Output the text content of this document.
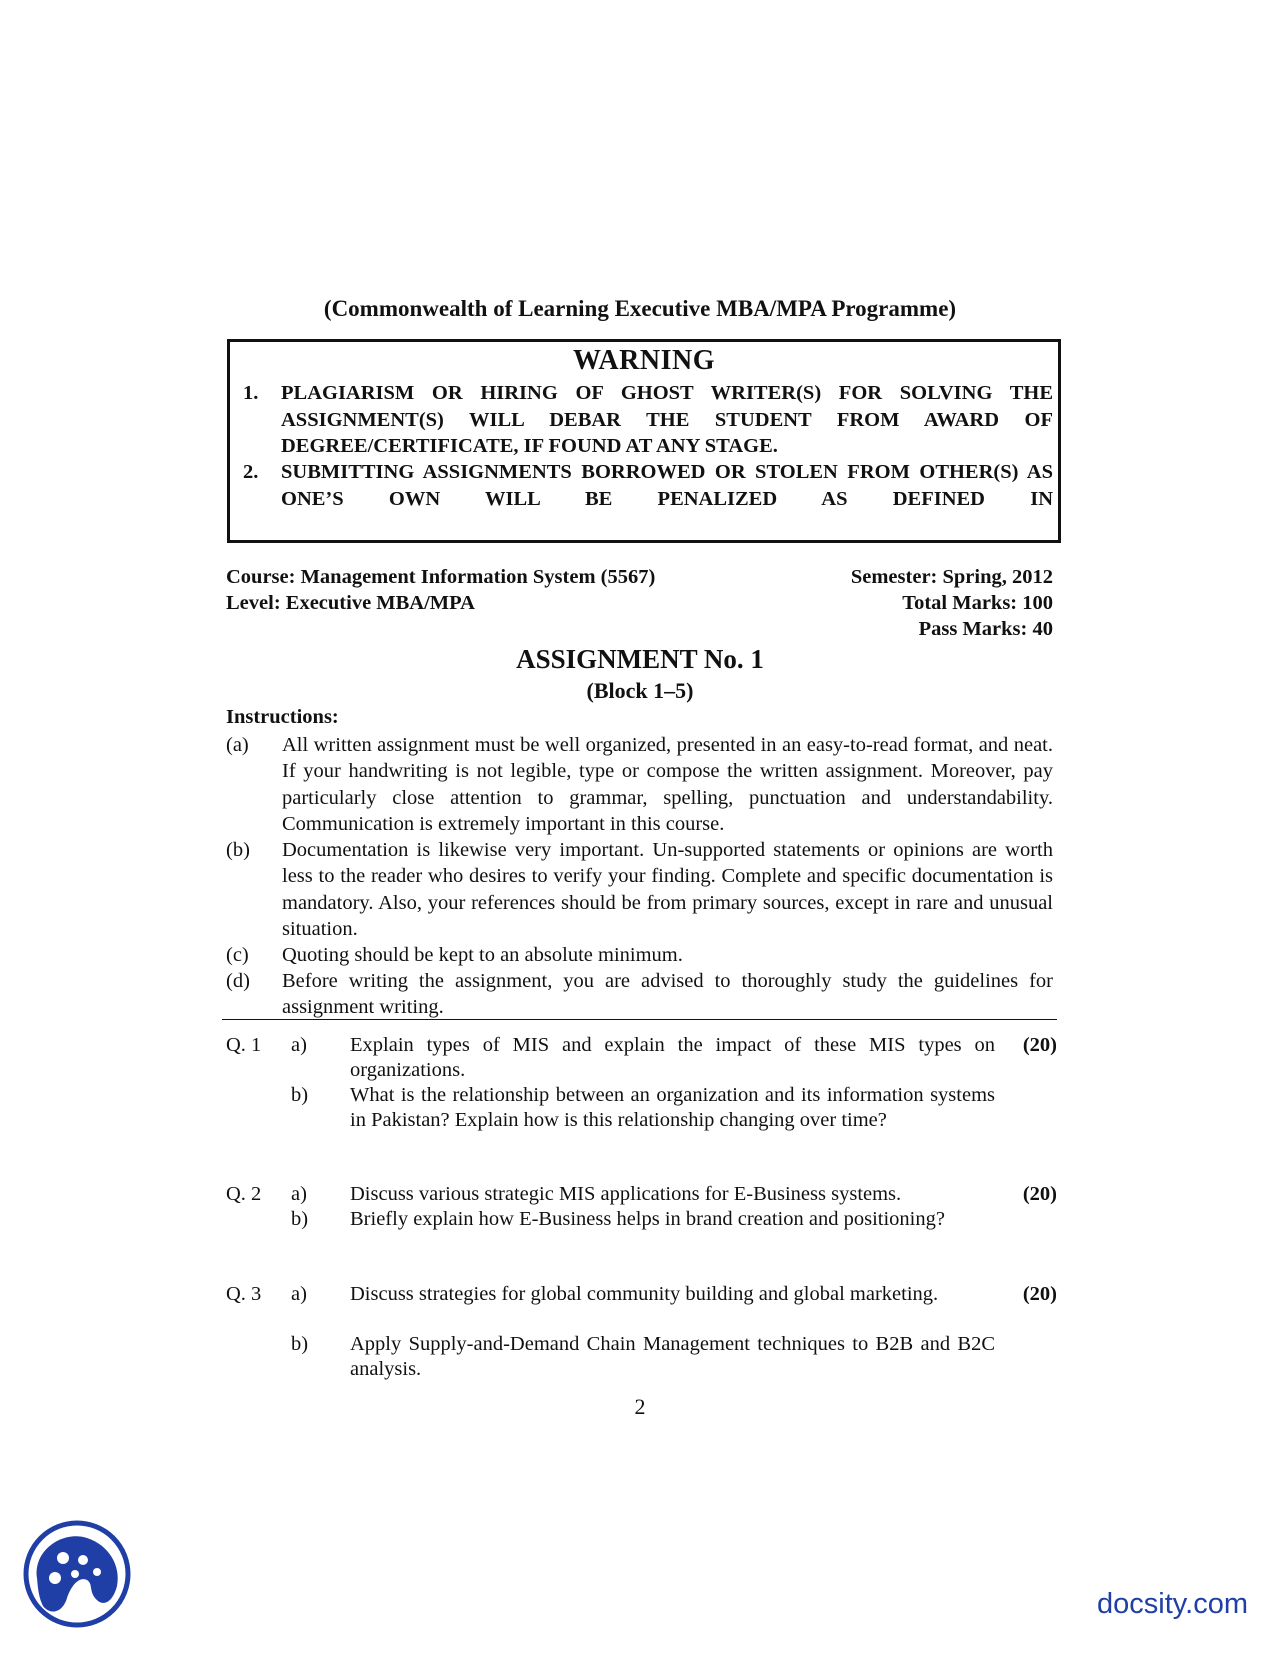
(Commonwealth of Learning Executive MBA/MPA Programme)
WARNING
1. PLAGIARISM OR HIRING OF GHOST WRITER(S) FOR SOLVING THE ASSIGNMENT(S) WILL DEBAR THE STUDENT FROM AWARD OF DEGREE/CERTIFICATE, IF FOUND AT ANY STAGE.
2. SUBMITTING ASSIGNMENTS BORROWED OR STOLEN FROM OTHER(S) AS ONE’S OWN WILL BE PENALIZED AS DEFINED IN
Course: Management Information System (5567)
Level: Executive MBA/MPA
Semester: Spring, 2012
Total Marks: 100
Pass Marks: 40
ASSIGNMENT No. 1
(Block 1–5)
Instructions:
(a) All written assignment must be well organized, presented in an easy-to-read format, and neat. If your handwriting is not legible, type or compose the written assignment. Moreover, pay particularly close attention to grammar, spelling, punctuation and understandability. Communication is extremely important in this course.
(b) Documentation is likewise very important. Un-supported statements or opinions are worth less to the reader who desires to verify your finding. Complete and specific documentation is mandatory. Also, your references should be from primary sources, except in rare and unusual situation.
(c) Quoting should be kept to an absolute minimum.
(d) Before writing the assignment, you are advised to thoroughly study the guidelines for assignment writing.
Q. 1	(20)
a) Explain types of MIS and explain the impact of these MIS types on organizations.
b) What is the relationship between an organization and its information systems in Pakistan? Explain how is this relationship changing over time?
Q. 2	(20)
a) Discuss various strategic MIS applications for E-Business systems.
b) Briefly explain how E-Business helps in brand creation and positioning?
Q. 3	(20)
a) Discuss strategies for global community building and global marketing.
b) Apply Supply-and-Demand Chain Management techniques to B2B and B2C analysis.
2
docsity.com
